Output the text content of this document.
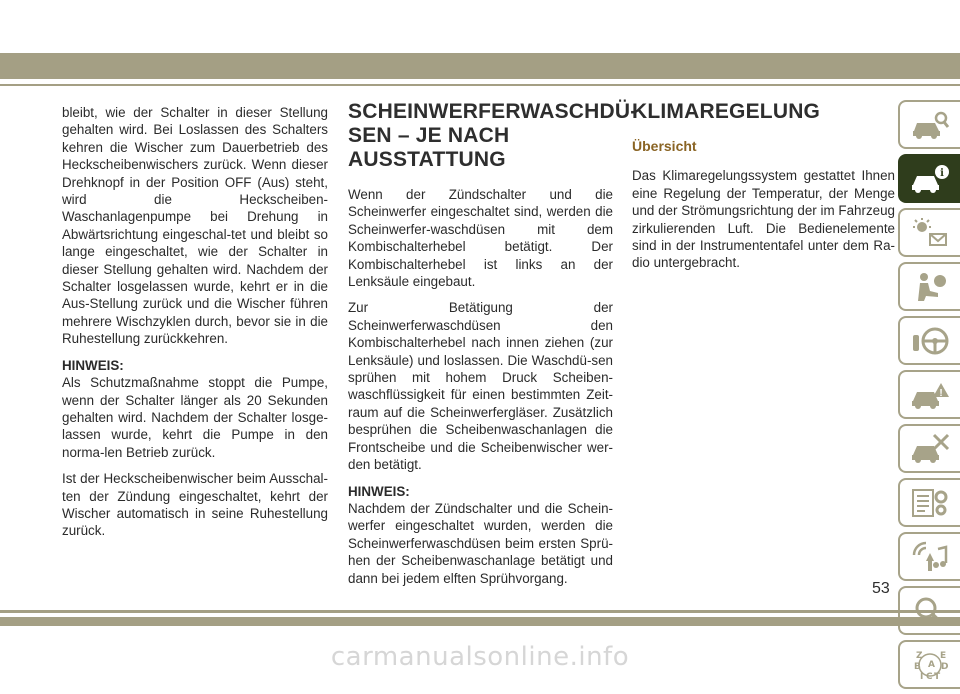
bleibt, wie der Schalter in dieser Stellung gehalten wird. Bei Loslassen des Schalters kehren die Wischer zum Dauerbetrieb des Heckscheibenwischers zurück. Wenn dieser Drehknopf in der Position OFF (Aus) steht, wird die Heckscheiben-Waschanlagenpumpe bei Drehung in Abwärtsrichtung eingeschal-tet und bleibt so lange eingeschaltet, wie der Schalter in dieser Stellung gehalten wird. Nachdem der Schalter losgelassen wurde, kehrt er in die Aus-Stellung zurück und die Wischer führen mehrere Wischzyklen durch, bevor sie in die Ruhestellung zurückkehren.

HINWEIS:

Als Schutzmaßnahme stoppt die Pumpe, wenn der Schalter länger als 20 Sekunden gehalten wird. Nachdem der Schalter losge-lassen wurde, kehrt die Pumpe in den norma-len Betrieb zurück.

Ist der Heckscheibenwischer beim Ausschal-ten der Zündung eingeschaltet, kehrt der Wischer automatisch in seine Ruhestellung zurück.

SCHEINWERFERWASCHDÜ-SEN – JE NACH AUSSTATTUNG

Wenn der Zündschalter und die Scheinwerfer eingeschaltet sind, werden die Scheinwerfer-waschdüsen mit dem Kombischalterhebel betätigt. Der Kombischalterhebel ist links an der Lenksäule eingebaut.

Zur Betätigung der Scheinwerferwaschdüsen den Kombischalterhebel nach innen ziehen (zur Lenksäule) und loslassen. Die Waschdü-sen sprühen mit hohem Druck Scheiben-waschflüssigkeit für einen bestimmten Zeit-raum auf die Scheinwerfergläser. Zusätzlich besprühen die Scheibenwaschanlagen die Frontscheibe und die Scheibenwischer wer-den betätigt.

HINWEIS:

Nachdem der Zündschalter und die Schein-werfer eingeschaltet wurden, werden die Scheinwerferwaschdüsen beim ersten Sprü-hen der Scheibenwaschanlage betätigt und dann bei jedem elften Sprühvorgang.

KLIMAREGELUNG
Übersicht

Das Klimaregelungssystem gestattet Ihnen eine Regelung der Temperatur, der Menge und der Strömungsrichtung der im Fahrzeug zirkulierenden Luft. Die Bedienelemente sind in der Instrumententafel unter dem Ra-dio untergebracht.

i
!
Z E
B A D
I C T
53
carmanualsonline.info
